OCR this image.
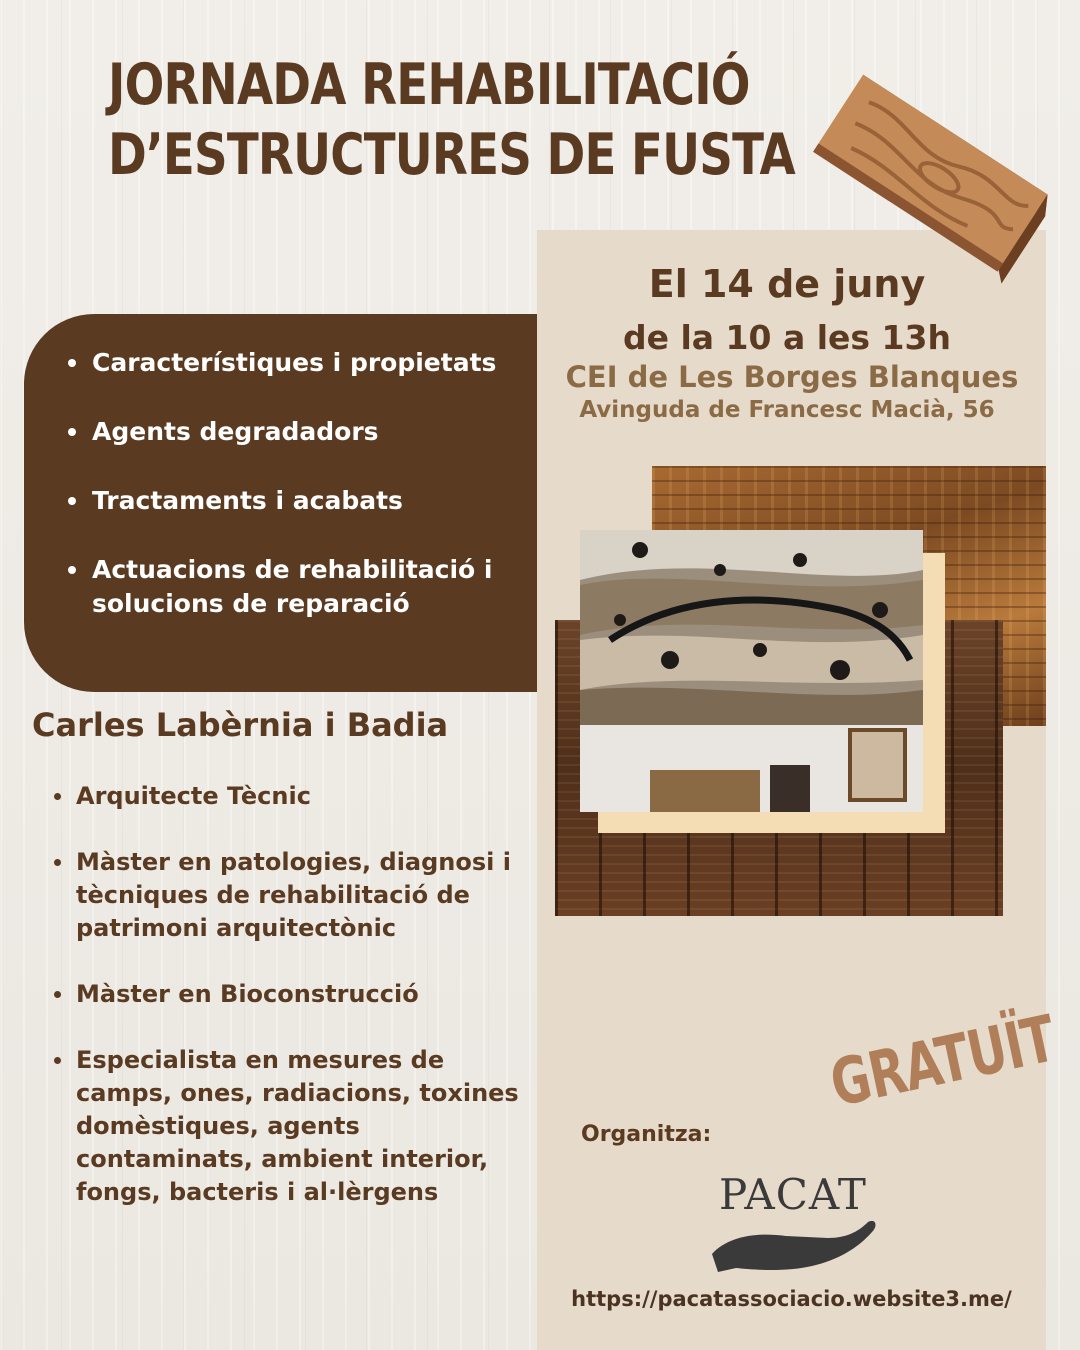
JORNADA REHABILITACIÓ
D’ESTRUCTURES DE FUSTA
El 14 de juny
de la 10 a les 13h
CEI de Les Borges Blanques
Avinguda de Francesc Macià, 56
Característiques i propietats
Agents degradadors
Tractaments i acabats
Actuacions de rehabilitació i solucions de reparació
Carles Labèrnia i Badia
Arquitecte Tècnic
Màster en patologies, diagnosi i tècniques de rehabilitació de patrimoni arquitectònic
Màster en Bioconstrucció
Especialista en mesures de camps, ones, radiacions, toxines domèstiques, agents contaminats, ambient interior, fongs, bacteris i al·lèrgens
GRATUÏT
Organitza:
PACAT
https://pacatassociacio.website3.me/
